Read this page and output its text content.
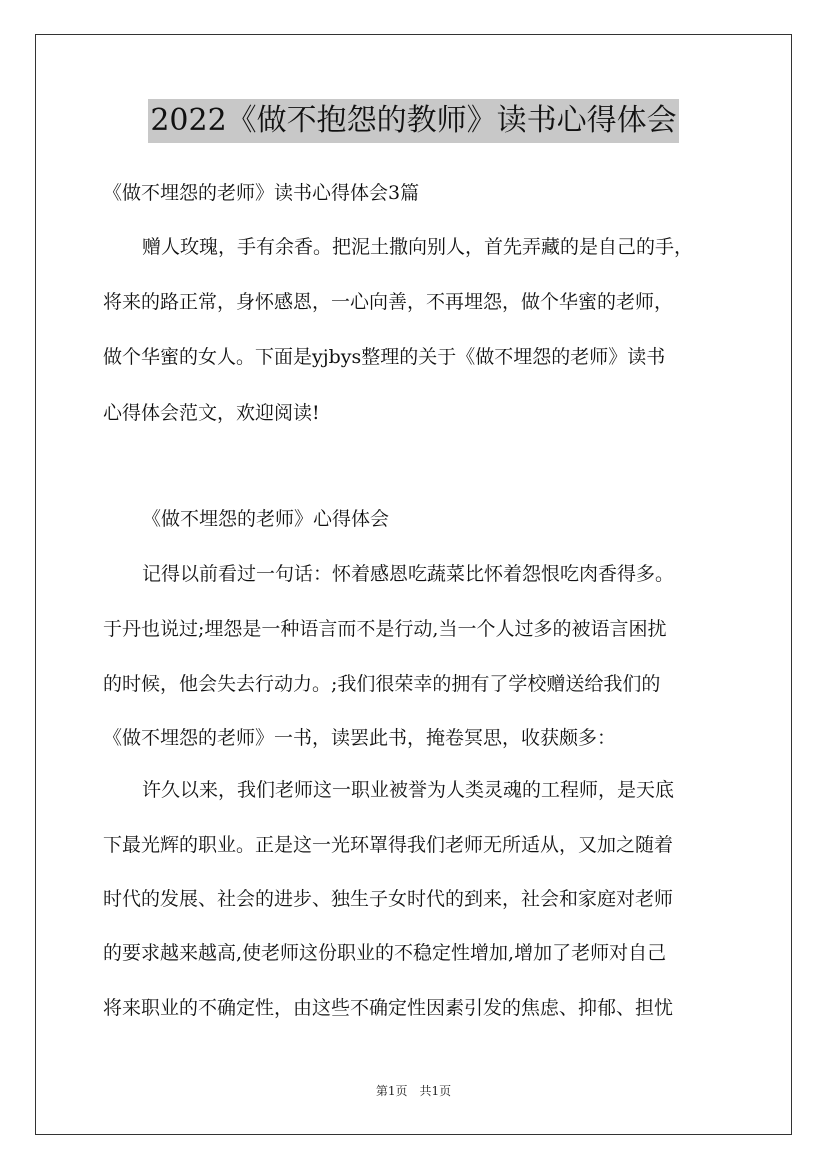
2022《做不抱怨的教师》读书心得体会
《做不埋怨的老师》读书心得体会3篇
赠人玫瑰，手有余香。把泥土撒向别人，首先弄藏的是自己的手，
将来的路正常，身怀感恩，一心向善，不再埋怨，做个华蜜的老师，
做个华蜜的女人。下面是yjbys整理的关于《做不埋怨的老师》读书
心得体会范文，欢迎阅读!
《做不埋怨的老师》心得体会
记得以前看过一句话：怀着感恩吃蔬菜比怀着怨恨吃肉香得多。
于丹也说过;埋怨是一种语言而不是行动,当一个人过多的被语言困扰
的时候，他会失去行动力。;我们很荣幸的拥有了学校赠送给我们的
《做不埋怨的老师》一书，读罢此书，掩卷冥思，收获颇多：
许久以来，我们老师这一职业被誉为人类灵魂的工程师，是天底
下最光辉的职业。正是这一光环罩得我们老师无所适从，又加之随着
时代的发展、社会的进步、独生子女时代的到来，社会和家庭对老师
的要求越来越高,使老师这份职业的不稳定性增加,增加了老师对自己
将来职业的不确定性，由这些不确定性因素引发的焦虑、抑郁、担忧
第1页　共1页
